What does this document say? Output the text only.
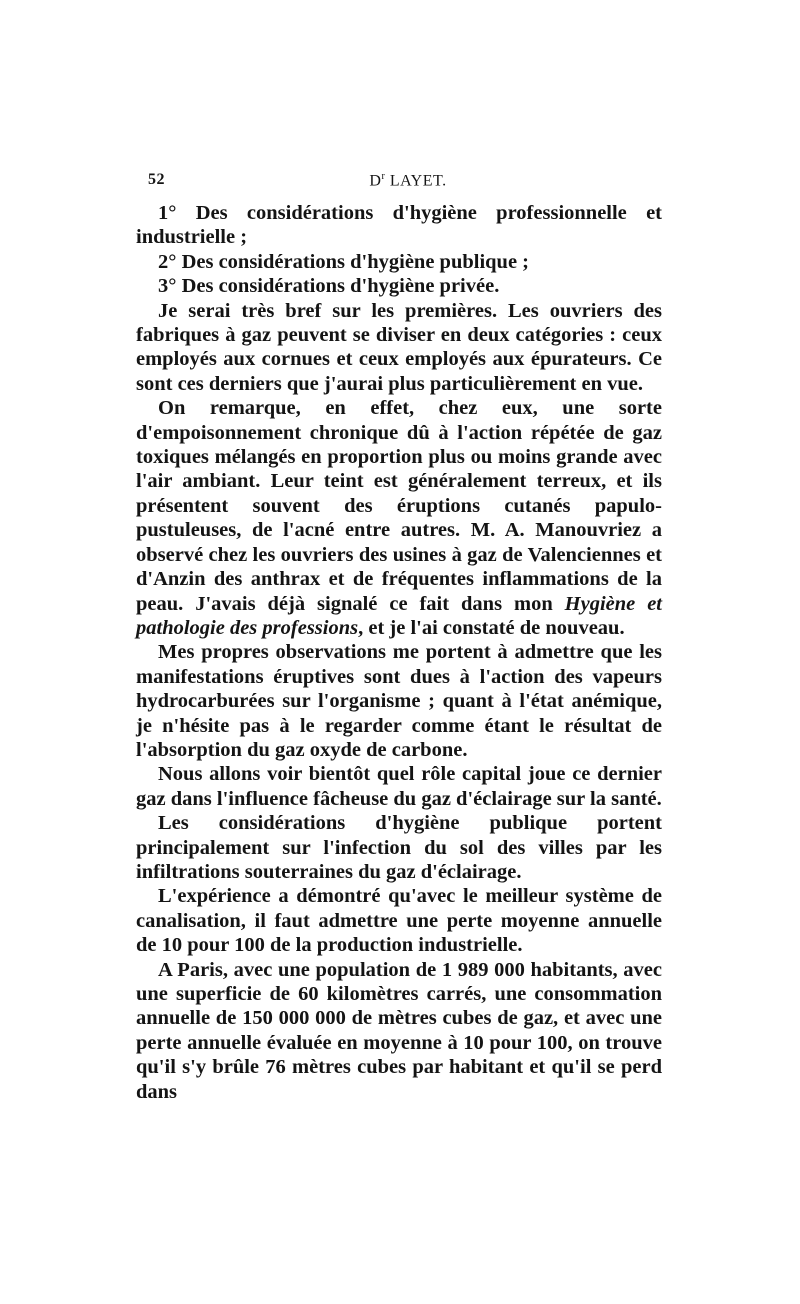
52	$D^r$ LAYET.

1° Des considérations d'hygiène professionnelle et industrielle ;

2° Des considérations d'hygiène publique ;

3° Des considérations d'hygiène privée.

Je serai très bref sur les premières. Les ouvriers des fabriques à gaz peuvent se diviser en deux catégories : ceux employés aux cornues et ceux employés aux épurateurs. Ce sont ces derniers que j'aurai plus particulièrement en vue.

On remarque, en effet, chez eux, une sorte d'empoisonnement chronique dû à l'action répétée de gaz toxiques mélangés en proportion plus ou moins grande avec l'air ambiant. Leur teint est généralement terreux, et ils présentent souvent des éruptions cutanés papulo-pustuleuses, de l'acné entre autres. M. A. Manouvriez a observé chez les ouvriers des usines à gaz de Valenciennes et d'Anzin des anthrax et de fréquentes inflammations de la peau. J'avais déjà signalé ce fait dans mon Hygiène et pathologie des professions, et je l'ai constaté de nouveau.

Mes propres observations me portent à admettre que les manifestations éruptives sont dues à l'action des vapeurs hydrocarburées sur l'organisme ; quant à l'état anémique, je n'hésite pas à le regarder comme étant le résultat de l'absorption du gaz oxyde de carbone.

Nous allons voir bientôt quel rôle capital joue ce dernier gaz dans l'influence fâcheuse du gaz d'éclairage sur la santé.

Les considérations d'hygiène publique portent principalement sur l'infection du sol des villes par les infiltrations souterraines du gaz d'éclairage.

L'expérience a démontré qu'avec le meilleur système de canalisation, il faut admettre une perte moyenne annuelle de 10 pour 100 de la production industrielle.

A Paris, avec une population de 1 989 000 habitants, avec une superficie de 60 kilomètres carrés, une consommation annuelle de 150 000 000 de mètres cubes de gaz, et avec une perte annuelle évaluée en moyenne à 10 pour 100, on trouve qu'il s'y brûle 76 mètres cubes par habitant et qu'il se perd dans
